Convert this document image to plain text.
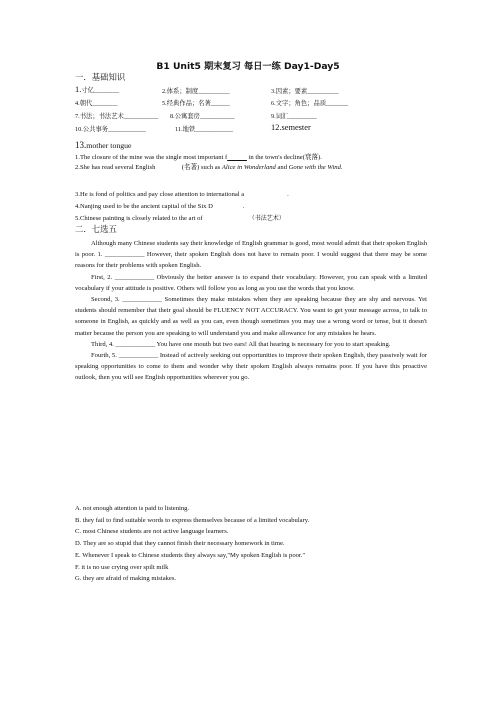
B1 Unit5 期末复习 每日一练 Day1-Day5
一．基础知识
1.寸亿________	2.体系；制度__________	3.因素；要素__________
4.朝代________	5.经典作品；名著______	6.文字；角色；品质_______
7.书法；书法艺术___________ 8.公寓套房___________	9.词汇_________
10.公共事务____________	11.地铁____________	12.semester
13.mother tongue
1.The closure of the mine was the single most important f	in the town's decline(衰落).
2.She has read several English	(名著) such as Alice in Wonderland and Gone with the Wind.
3.He is fond of politics and pay close attention to international a	.
4.Nanjing used to be the ancient capital of the Six D	.
5.Chinese painting is closely related to the art of	（书法艺术）
二．七选五

Although many Chinese students say their knowledge of English grammar is good, most would admit that their spoken English is poor. 1. ____________ However, their spoken English does not have to remain poor. I would suggest that there may be some reasons for their problems with spoken English.

First, 2. ____________ Obviously the better answer is to expand their vocabulary. However, you can speak with a limited vocabulary if your attitude is positive. Others will follow you as long as you use the words that you know.

Second, 3. ____________ Sometimes they make mistakes when they are speaking because they are shy and nervous. Yet students should remember that their goal should be FLUENCY NOT ACCURACY. You want to get your message across, to talk to someone in English, as quickly and as well as you can, even though sometimes you may use a wrong word or tense, but it doesn't matter because the person you are speaking to will understand you and make allowance for any mistakes he hears.

Third, 4. ____________ You have one mouth but two ears! All that hearing is necessary for you to start speaking.

Fourth, 5. ____________ Instead of actively seeking out opportunities to improve their spoken English, they passively wait for speaking opportunities to come to them and wonder why their spoken English always remains poor. If you have this proactive outlook, then you will see English opportunities wherever you go.

A. not enough attention is paid to listening.
B. they fail to find suitable words to express themselves because of a limited vocabulary.
C. most Chinese students are not active language learners.
D. They are so stupid that they cannot finish their necessary homework in time.
E. Whenever I speak to Chinese students they always say,"My spoken English is poor."
F. it is no use crying over spilt milk
G. they are afraid of making mistakes.
